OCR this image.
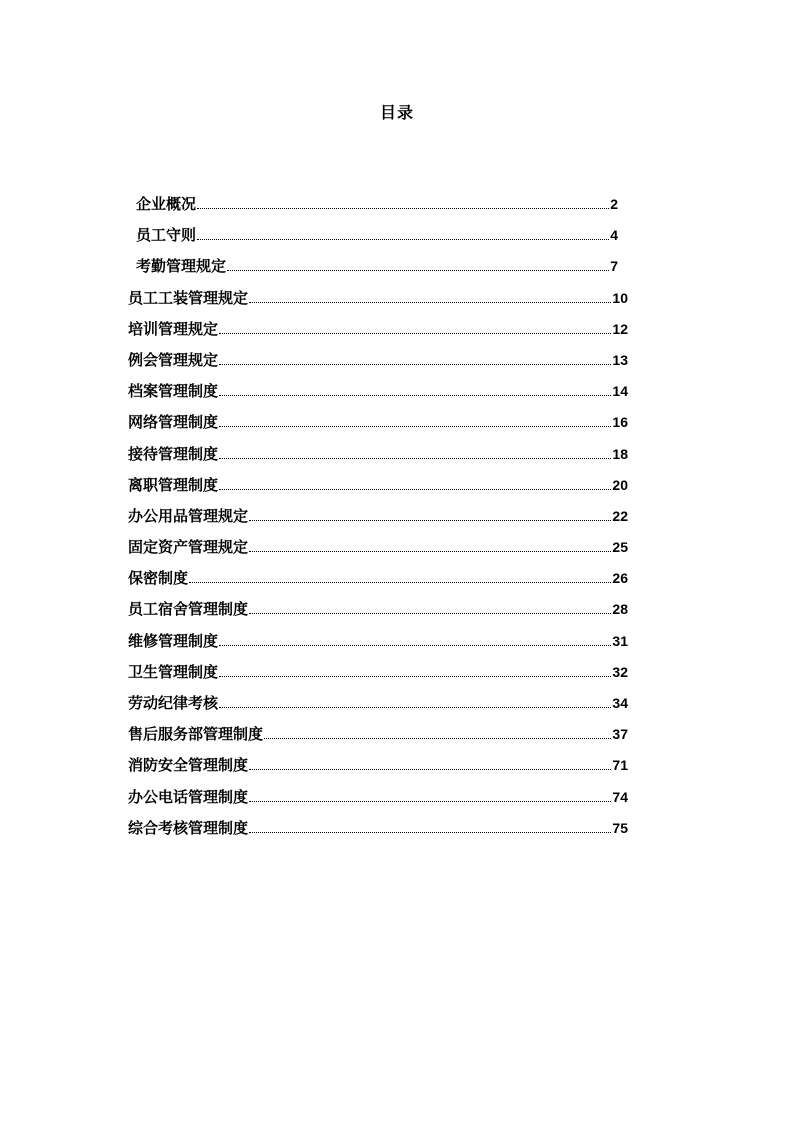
目录
企业概况	2
员工守则	4
考勤管理规定	7
员工工装管理规定	10
培训管理规定	12
例会管理规定	13
档案管理制度	14
网络管理制度	16
接待管理制度	18
离职管理制度	20
办公用品管理规定	22
固定资产管理规定	25
保密制度	26
员工宿舍管理制度	28
维修管理制度	31
卫生管理制度	32
劳动纪律考核	34
售后服务部管理制度	37
消防安全管理制度	71
办公电话管理制度	74
综合考核管理制度	75
